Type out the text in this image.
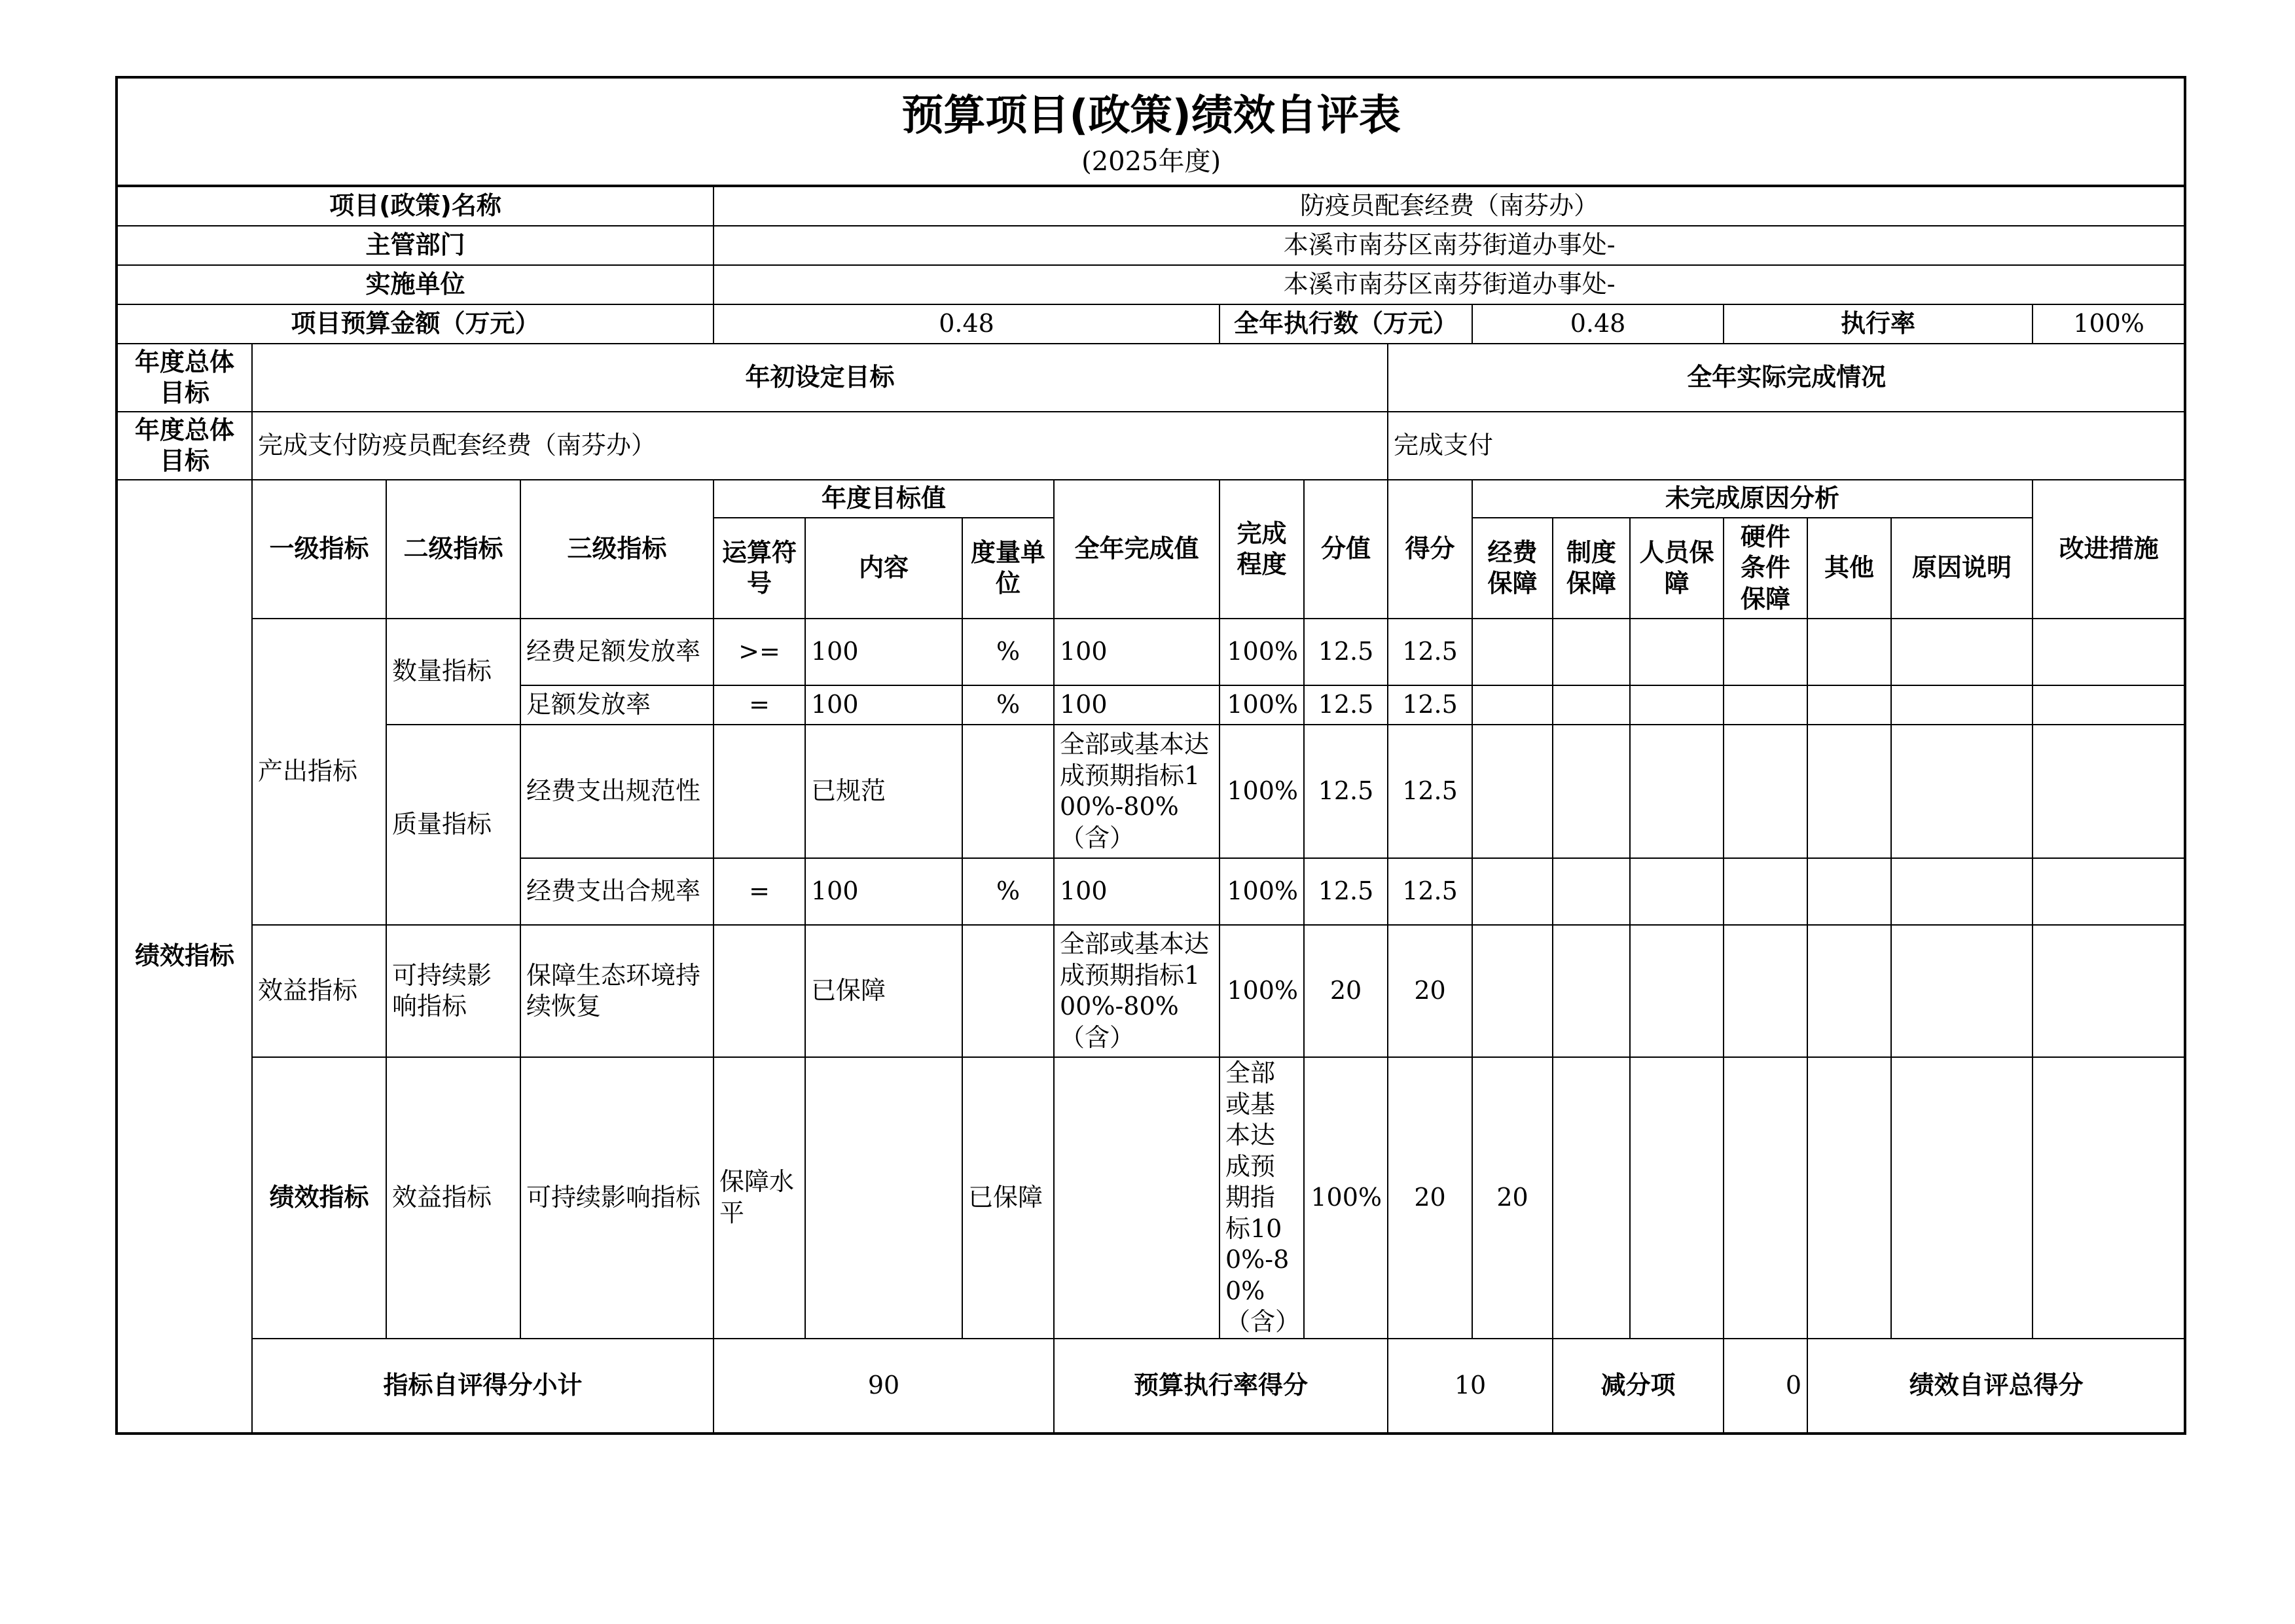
预算项目(政策)绩效自评表
(2025年度)																		

项目(政策)名称				防疫员配套经费（南芬办）														
主管部门				本溪市南芬区南芬街道办事处-														
实施单位				本溪市南芬区南芬街道办事处-														
项目预算金额（万元）				0.48				全年执行数（万元）			0.48			执行率			100%	
年度总体目标	年初设定目标									全年实际完成情况								
年度总体目标	完成支付防疫员配套经费（南芬办）									完成支付								
绩效指标	一级指标	二级指标	三级指标	年度目标值			全年完成值	完成程度	分值	得分	未完成原因分析						改进措施	
				运算符号	内容	度量单位					经费保障	制度保障	人员保障	硬件条件保障	其他	原因说明		
	产出指标	数量指标	经费足额发放率	>=	100	%	100	100%	12.5	12.5								
			足额发放率	=	100	%	100	100%	12.5	12.5								
		质量指标	经费支出规范性		已规范		全部或基本达成预期指标100%-80%（含）	100%	12.5	12.5								
			经费支出合规率	=	100	%	100	100%	12.5	12.5								
	效益指标	可持续影响指标	保障生态环境持续恢复		已保障		全部或基本达成预期指标100%-80%（含）	100%	20	20								
	绩效指标	效益指标	可持续影响指标	保障水平		已保障		全部或基本达成预期指标100%-80%（含）	100%	20	20							
	指标自评得分小计			90			预算执行率得分			10		减分项		0	绩效自评总得分	
